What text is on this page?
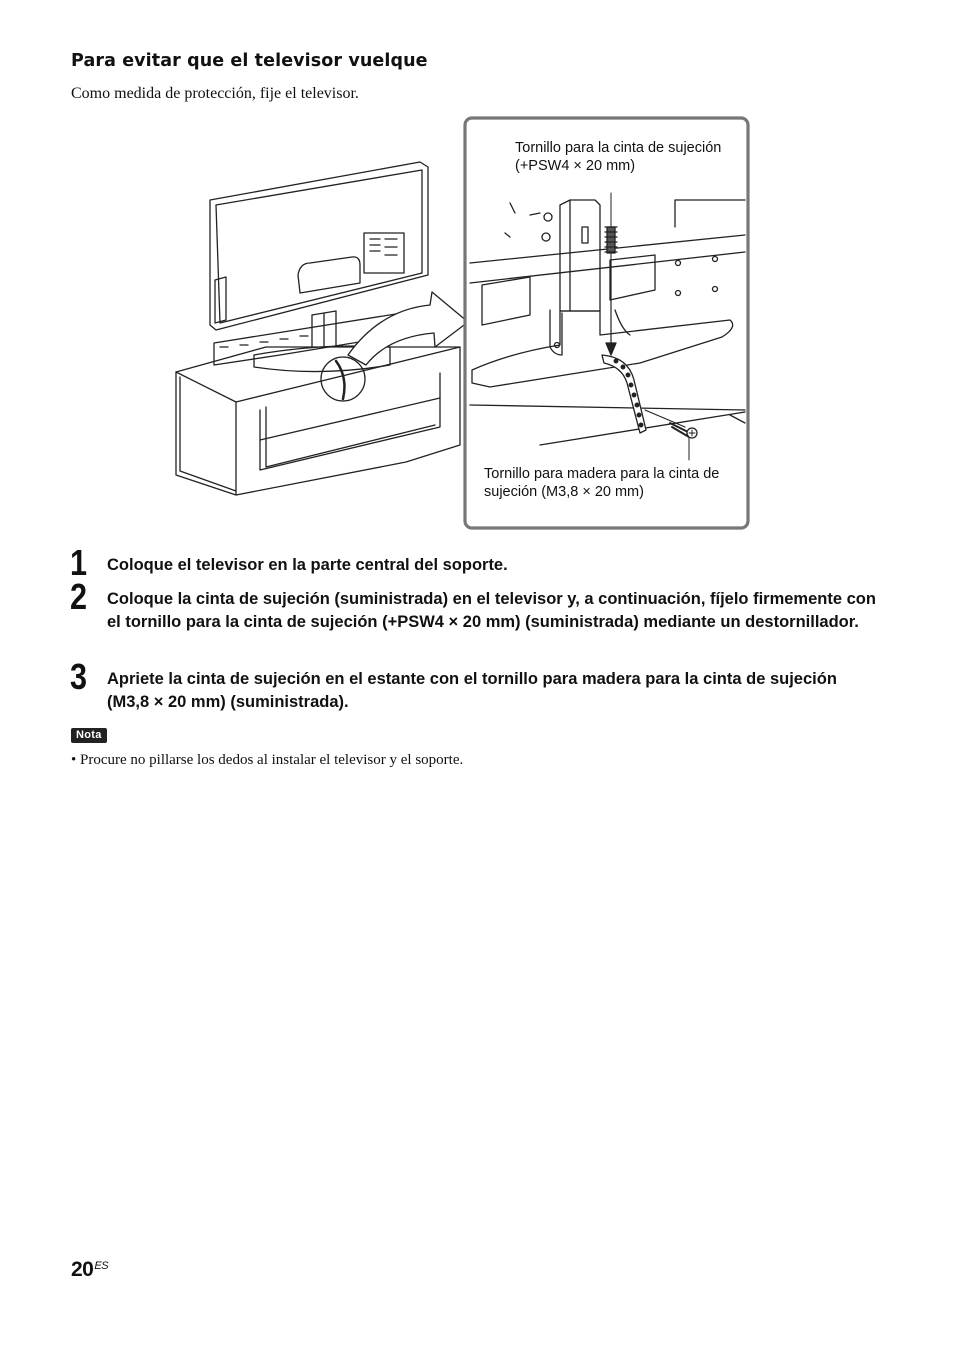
Para evitar que el televisor vuelque
Como medida de protección, fije el televisor.
Tornillo para la cinta de sujeción
(+PSW4 × 20 mm)
Tornillo para madera para la cinta de
sujeción (M3,8 × 20 mm)
1 Coloque el televisor en la parte central del soporte.
2 Coloque la cinta de sujeción (suministrada) en el televisor y, a continuación, fíjelo firmemente con el tornillo para la cinta de sujeción (+PSW4 × 20 mm) (suministrada) mediante un destornillador.
3 Apriete la cinta de sujeción en el estante con el tornillo para madera para la cinta de sujeción (M3,8 × 20 mm) (suministrada).
Nota
• Procure no pillarse los dedos al instalar el televisor y el soporte.
$20^{ES}$
